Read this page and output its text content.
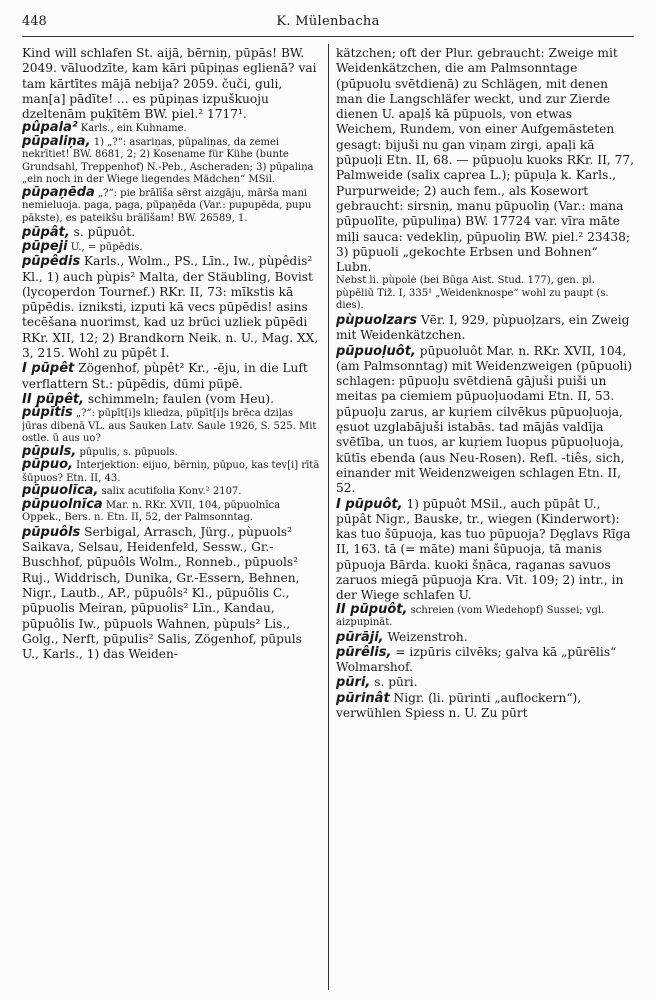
448	K. Mülenbacha

Kind will schlafen St. aijā, bērniņ, pūpās! BW. 2049. vāluodzīte, kam kāri pūpiņas eglienā? vai tam kārtītes mājā nebija? 2059. čuči, guli, man[a] pādīte! ... es pūpiņas izpuškuoju dzeltenām puķītēm BW. piel.² 1717¹.

pûpala² Karls., ein Kuhname.

pūpaliņa, 1) „?“: asariņas, pūpaliņas, da zemei nekrītiet! BW. 8681, 2; 2) Kosename für Kühe (bunte Grundsahl, Treppenhof) N.-Peb., Ascheraden; 3) pūpaliņa „ein noch in der Wiege liegendes Mädchen“ MSil.

pūpaņēda „?“: pie brālīša sērst aizgāju, mārša mani nemieluoja. paga, paga, pūpaņēda (Var.: pupupēda, pupu pākste), es pateikšu brālīšam! BW. 26589, 1.

pūpât, s. pūpuôt.

pūpeji U., = pūpēdis.

pūpêdis Karls., Wolm., PS., Līn., Iw., pùpêdis² Kl., 1) auch pùpis² Malta, der Stäubling, Bovist (lycoperdon Tournef.) RKr. II, 73: mīkstis kā pūpēdis. izniksti, izputi kā vecs pūpēdis! asins tecēšana nuorimst, kad uz brūci uzliek pūpēdi RKr. XII, 12; 2) Brandkorn Neik. n. U., Mag. XX, 3, 215. Wohl zu pūpêt I.

I pūpêt Zögenhof, pùpêt² Kr., -ēju, in die Luft verflattern St.: pūpēdis, dūmi pūpē.

II pūpêt, schimmeln; faulen (vom Heu).

pūpītis „?“: pūpīt[i]s kliedza, pūpīt[i]s brēca dziļas jūras dibenā VL. aus Sauken Latv. Saule 1926, S. 525. Mit ostle. ū aus uo?

pūpuls, pūpulis, s. pūpuols.

pūpuo, Interjektion: eijuo, bērniņ, pūpuo, kas tev[i] rītā šūpuos? Etn. II, 43.

pūpuolīca, salix acutifolia Konv.² 2107.

pūpuolnīca Mar. n. RKr. XVII, 104, pūpuolnīca Oppek., Bers. n. Etn. II, 52, der Palmsonntag.

pūpuôls Serbigal, Arrasch, Jürg., pùpuols² Saikava, Selsau, Heidenfeld, Sessw., Gr.-Buschhof, pūpuôls Wolm., Ronneb., pūpuols² Ruj., Widdrisch, Dunika, Gr.-Essern, Behnen, Nigr., Lautb., AP., pūpuôls² Kl., pūpuõlis C., pūpuolis Meiran, pūpuolis² Līn., Kandau, pūpuôlis Iw., pūpuols Wahnen, pùpuls² Lis., Golg., Nerft, pūpulis² Salis, Zögenhof, pūpuls U., Karls., 1) das Weiden-

kätzchen; oft der Plur. gebraucht: Zweige mit Weidenkätzchen, die am Palmsonntage (pūpuolu svētdienā) zu Schlägen, mit denen man die Langschläfer weckt, und zur Zierde dienen U. apaļš kā pūpuols, von etwas Weichem, Rundem, von einer Aufgemästeten gesagt: bijuši nu gan viņam zirgi, apaļi kā pūpuoļi Etn. II, 68. — pūpuoļu kuoks RKr. II, 77, Palmweide (salix caprea L.); pūpuļa k. Karls., Purpurweide; 2) auch fem., als Kosewort gebraucht: sirsniņ, manu pūpuoliņ (Var.: mana pūpuolīte, pūpuliņa) BW. 17724 var. vīra māte miļi sauca: vedekliņ, pūpuoliņ BW. piel.² 23438; 3) pūpuoli „gekochte Erbsen und Bohnen“ Lubn.

Nebst li. pùpolė (bei Būga Aist. Stud. 177), gen. pl. pùpēliū Tiž. I, 335¹ „Weidenknospe“ wohl zu paupt (s. dies).

pùpuolzars Vēr. I, 929, pùpuoļzars, ein Zweig mit Weidenkätzchen.

pūpuoļuôt, pūpuoluôt Mar. n. RKr. XVII, 104, (am Palmsonntag) mit Weidenzweigen (pūpuoli) schlagen: pūpuoļu svētdienā gājuši puiši un meitas pa ciemiem pūpuoļuodami Etn. II, 53. pūpuoļu zarus, ar kuŗiem cilvēkus pūpuoļuoja, ęsuot uzglabājuši istabās. tad mājās valdīja svētība, un tuos, ar kuŗiem luopus pūpuoļuoja, kūtīs ebenda (aus Neu-Rosen). Refl. -tiês, sich, einander mit Weidenzweigen schlagen Etn. II, 52.

I pūpuôt, 1) pūpuôt MSil., auch pūpât U., pūpât Nigr., Bauske, tr., wiegen (Kinderwort): kas tuo šūpuoja, kas tuo pūpuoja? Dęglavs Rīga II, 163. tā (= māte) mani šūpuoja, tā manis pūpuoja Bārda. kuoki šņāca, raganas savuos zaruos miegā pūpuoja Kra. Vīt. 109; 2) intr., in der Wiege schlafen U.

II pūpuôt, schreien (vom Wiedehopf) Sussei; vgl. aizpupināt.

pūrāji, Weizenstroh.

pūrêlis, = izpūris cilvēks; galva kā „pūrēlis“ Wolmarshof.

pūri, s. pūri.

pūrinât Nigr. (li. pūrinti „auflockern“), verwühlen Spiess n. U. Zu pūrt
